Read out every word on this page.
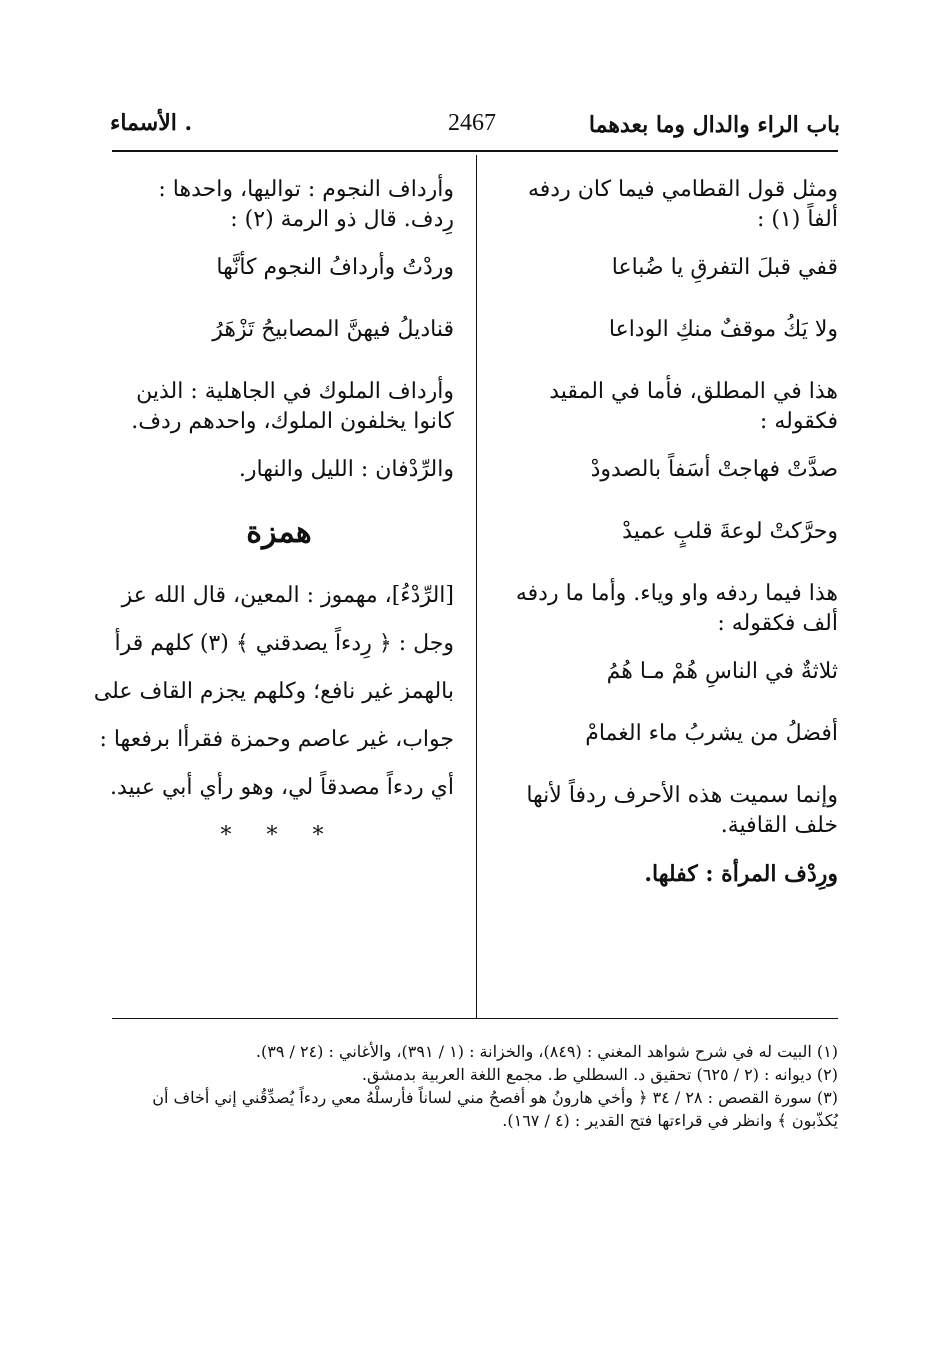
باب الراء والدال وما بعدهما
2467
. الأسماء
ومثل قول القطامي فيما كان ردفه
ألفاً (١) :
قفي قبلَ التفرقِ يا ضُباعا
ولا يَكُ موقفٌ منكِ الوداعا
هذا في المطلق، فأما في المقيد
فكقوله :
صدَّتْ فهاجتْ أسَفاً بالصدودْ
وحرَّكتْ لوعةَ قلبٍ عميدْ
هذا فيما ردفه واو وياء. وأما ما ردفه
ألف فكقوله :
ثلاثةٌ في الناسِ هُمْ مـا هُمُ
أفضلُ من يشربُ ماء الغمامْ
وإنما سميت هذه الأحرف ردفاً لأنها
خلف القافية.
ورِدْف المرأة : كفلها.
وأرداف النجوم : تواليها، واحدها :
رِدف. قال ذو الرمة (٢) :
وردْتُ وأردافُ النجوم كأنَّها
قناديلُ فيهنَّ المصابيحُ تَزْهَرُ
وأرداف الملوك في الجاهلية : الذين
كانوا يخلفون الملوك، واحدهم ردف.
والرِّدْفان : الليل والنهار.
همزة
[الرِّدْءُ]، مهموز : المعين، قال الله عز
وجل : ﴿ رِدءاً يصدقني ﴾ (٣) كلهم قرأ
بالهمز غير نافع؛ وكلهم يجزم القاف على
جواب، غير عاصم وحمزة فقرأا برفعها :
أي ردءاً مصدقاً لي، وهو رأي أبي عبيد.
* * *
(١) البيت له في شرح شواهد المغني : (٨٤٩)، والخزانة : (١ / ٣٩١)، والأغاني : (٢٤ / ٣٩).
(٢) ديوانه : (٢ / ٦٢٥) تحقيق د. السطلي ط. مجمع اللغة العربية بدمشق.
(٣) سورة القصص : ٢٨ / ٣٤ ﴿ وأخي هارونُ هو أفصحُ مني لساناً فأرسلْهُ معي ردءاً يُصدِّقُني إني أخاف أن
يُكذّبون ﴾ وانظر في قراءتها فتح القدير : (٤ / ١٦٧).
